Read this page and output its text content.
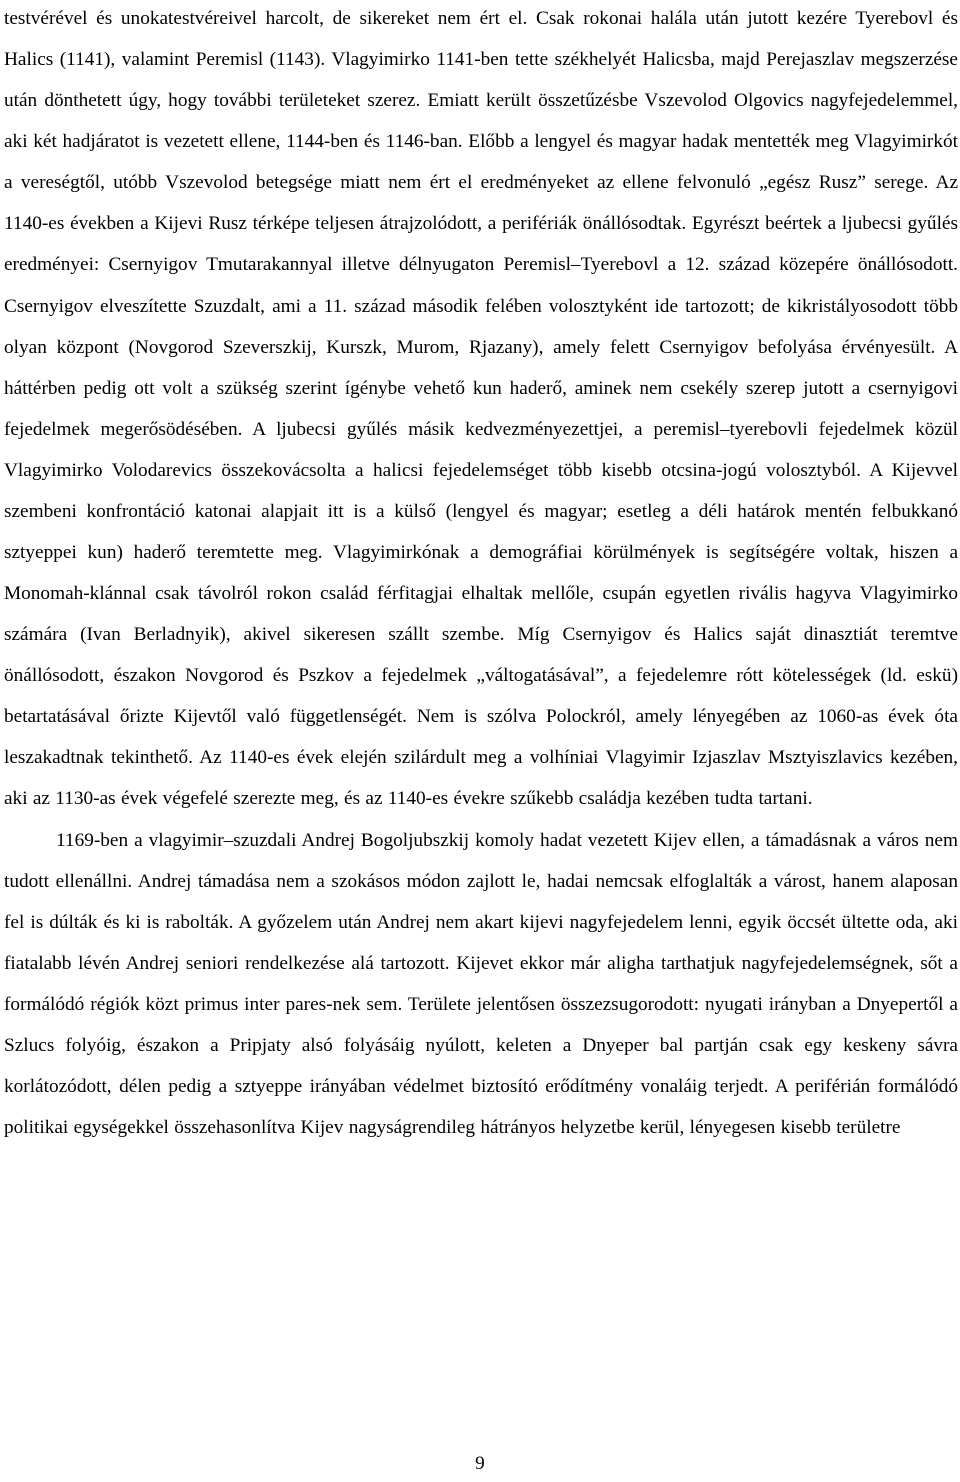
testvérével és unokatestvéreivel harcolt, de sikereket nem ért el. Csak rokonai halála után jutott kezére Tyerebovl és Halics (1141), valamint Peremisl (1143). Vlagyimirko 1141-ben tette székhelyét Halicsba, majd Perejaszlav megszerzése után dönthetett úgy, hogy további területeket szerez. Emiatt került összetűzésbe Vszevolod Olgovics nagyfejedelemmel, aki két hadjáratot is vezetett ellene, 1144-ben és 1146-ban. Előbb a lengyel és magyar hadak mentették meg Vlagyimirkót a vereségtől, utóbb Vszevolod betegsége miatt nem ért el eredményeket az ellene felvonuló „egész Rusz” serege. Az 1140-es években a Kijevi Rusz térképe teljesen átrajzolódott, a perifériák önállósodtak. Egyrészt beértek a ljubecsi gyűlés eredményei: Csernyigov Tmutarakannyal illetve délnyugaton Peremisl–Tyerebovl a 12. század közepére önállósodott. Csernyigov elveszítette Szuzdalt, ami a 11. század második felében volosztyként ide tartozott; de kikristályosodott több olyan központ (Novgorod Szeverszkij, Kurszk, Murom, Rjazany), amely felett Csernyigov befolyása érvényesült. A háttérben pedig ott volt a szükség szerint ígénybe vehető kun haderő, aminek nem csekély szerep jutott a csernyigovi fejedelmek megerősödésében. A ljubecsi gyűlés másik kedvezményezettjei, a peremisl–tyerebovli fejedelmek közül Vlagyimirko Volodarevics összekovácsolta a halicsi fejedelemséget több kisebb otcsina-jogú volosztyból. A Kijevvel szembeni konfrontáció katonai alapjait itt is a külső (lengyel és magyar; esetleg a déli határok mentén felbukkanó sztyeppei kun) haderő teremtette meg. Vlagyimirkónak a demográfiai körülmények is segítségére voltak, hiszen a Monomah-klánnal csak távolról rokon család férfitagjai elhaltak mellőle, csupán egyetlen rivális hagyva Vlagyimirko számára (Ivan Berladnyik), akivel sikeresen szállt szembe. Míg Csernyigov és Halics saját dinasztiát teremtve önállósodott, északon Novgorod és Pszkov a fejedelmek „váltogatásával”, a fejedelemre rótt kötelességek (ld. eskü) betartatásával őrizte Kijevtől való függetlenségét. Nem is szólva Polockról, amely lényegében az 1060-as évek óta leszakadtnak tekinthető. Az 1140-es évek elején szilárdult meg a volhíniai Vlagyimir Izjaszlav Msztyiszlavics kezében, aki az 1130-as évek végefelé szerezte meg, és az 1140-es évekre szűkebb családja kezében tudta tartani.

1169-ben a vlagyimir–szuzdali Andrej Bogoljubszkij komoly hadat vezetett Kijev ellen, a támadásnak a város nem tudott ellenállni. Andrej támadása nem a szokásos módon zajlott le, hadai nemcsak elfoglalták a várost, hanem alaposan fel is dúlták és ki is rabolták. A győzelem után Andrej nem akart kijevi nagyfejedelem lenni, egyik öccsét ültette oda, aki fiatalabb lévén Andrej seniori rendelkezése alá tartozott. Kijevet ekkor már aligha tarthatjuk nagyfejedelemségnek, sőt a formálódó régiók közt primus inter pares-nek sem. Területe jelentősen összezsugorodott: nyugati irányban a Dnyepertől a Szlucs folyóig, északon a Pripjaty alsó folyásáig nyúlott, keleten a Dnyeper bal partján csak egy keskeny sávra korlátozódott, délen pedig a sztyeppe irányában védelmet biztosító erődítmény vonaláig terjedt. A periférián formálódó politikai egységekkel összehasonlítva Kijev nagyságrendileg hátrányos helyzetbe kerül, lényegesen kisebb területre

9
